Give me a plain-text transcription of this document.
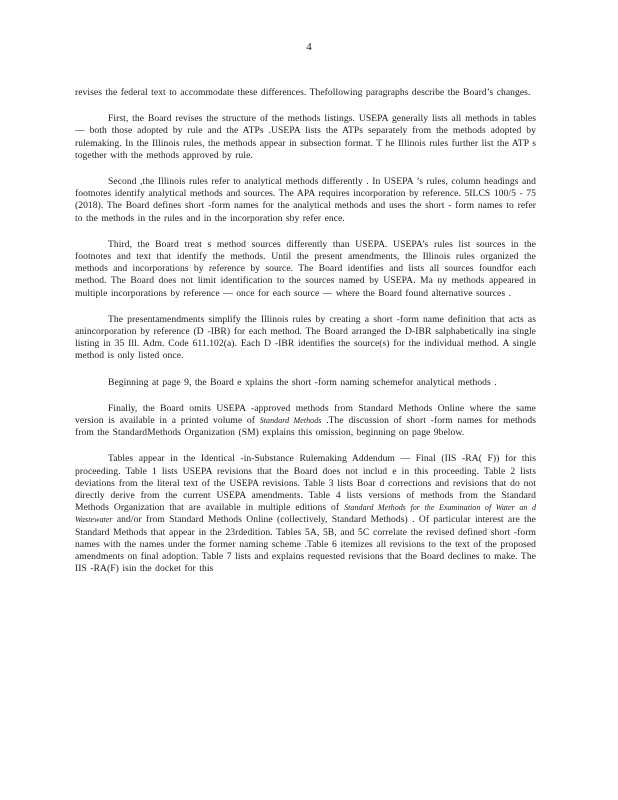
4

revises the federal text to accommodate these differences. Thefollowing paragraphs describe the Board’s changes.

First, the Board revises the structure of the methods listings. USEPA generally lists all methods in tables — both those adopted by rule and the ATPs .USEPA lists the ATPs separately from the methods adopted by rulemaking. In the Illinois rules, the methods appear in subsection format. T he Illinois rules further list the ATP s together with the methods approved by rule.

Second ,the Illinois rules refer to analytical methods differently . In USEPA ’s rules, column headings and footnotes identify analytical methods and sources. The APA requires incorporation by reference. 5ILCS 100/5 - 75 (2018). The Board defines short -form names for the analytical methods and uses the short - form names to refer to the methods in the rules and in the incorporation sby refer ence.

Third, the Board treat s method sources differently than USEPA. USEPA’s rules list sources in the footnotes and text that identify the methods. Until the present amendments, the Illinois rules organized the methods and incorporations by reference by source. The Board identifies and lists all sources foundfor each method. The Board does not limit identification to the sources named by USEPA. Ma ny methods appeared in multiple incorporations by reference — once for each source — where the Board found alternative sources .

The presentamendments simplify the Illinois rules by creating a short -form name definition that acts as anincorporation by reference (D -IBR) for each method. The Board arranged the D-IBR salphabetically ina single listing in 35 Ill. Adm. Code 611.102(a). Each D -IBR identifies the source(s) for the individual method. A single method is only listed once.

Beginning at page 9, the Board e xplains the short -form naming schemefor analytical methods .

Finally, the Board omits USEPA -approved methods from Standard Methods Online where the same version is available in a printed volume of Standard Methods .The discussion of short -form names for methods from the StandardMethods Organization (SM) explains this omission, beginning on page 9below.

Tables appear in the Identical -in-Substance Rulemaking Addendum — Final (IIS -RA( F)) for this proceeding. Table 1 lists USEPA revisions that the Board does not includ e in this proceeding. Table 2 lists deviations from the literal text of the USEPA revisions. Table 3 lists Boar d corrections and revisions that do not directly derive from the current USEPA amendments. Table 4 lists versions of methods from the Standard Methods Organization that are available in multiple editions of Standard Methods for the Examination of Water an d Wastewater and/or from Standard Methods Online (collectively, Standard Methods) . Of particular interest are the Standard Methods that appear in the 23rdedition. Tables 5A, 5B, and 5C correlate the revised defined short -form names with the names under the former naming scheme .Table 6 itemizes all revisions to the text of the proposed amendments on final adoption. Table 7 lists and explains requested revisions that the Board declines to make. The IIS -RA(F) isin the docket for this
